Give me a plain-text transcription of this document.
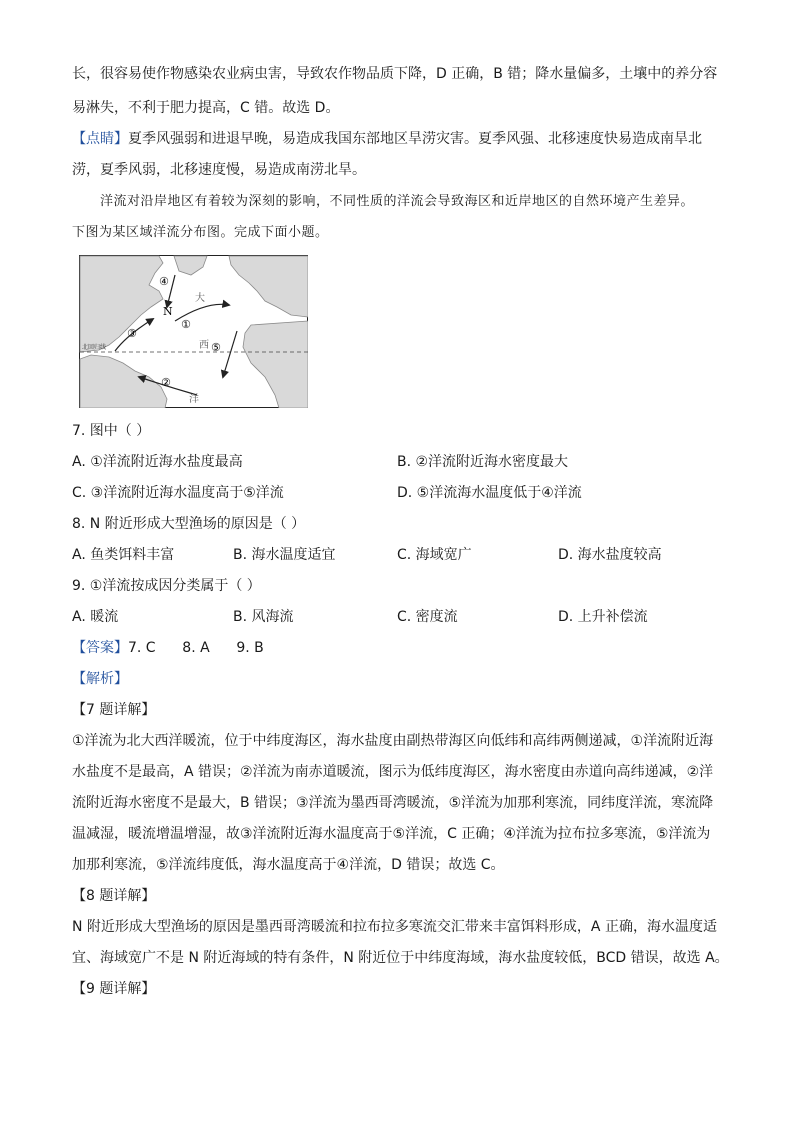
长，很容易使作物感染农业病虫害，导致农作物品质下降，D 正确，B 错；降水量偏多，土壤中的养分容
易淋失，不利于肥力提高，C 错。故选 D。
【点睛】夏季风强弱和进退早晚，易造成我国东部地区旱涝灾害。夏季风强、北移速度快易造成南旱北
涝，夏季风弱，北移速度慢，易造成南涝北旱。
洋流对沿岸地区有着较为深刻的影响，不同性质的洋流会导致海区和近岸地区的自然环境产生差异。
下图为某区域洋流分布图。完成下面小题。
N
④
①
③
⑤
②
大
西
洋
北回归线
7. 图中（ ）
A. ①洋流附近海水盐度最高	B. ②洋流附近海水密度最大
C. ③洋流附近海水温度高于⑤洋流	D. ⑤洋流海水温度低于④洋流
8. N 附近形成大型渔场的原因是（ ）
A. 鱼类饵料丰富	B. 海水温度适宜	C. 海域宽广	D. 海水盐度较高
9. ①洋流按成因分类属于（ ）
A. 暖流	B. 风海流	C. 密度流	D. 上升补偿流
【答案】7. C      8. A      9. B
【解析】
【7 题详解】
①洋流为北大西洋暖流，位于中纬度海区，海水盐度由副热带海区向低纬和高纬两侧递减，①洋流附近海
水盐度不是最高，A 错误；②洋流为南赤道暖流，图示为低纬度海区，海水密度由赤道向高纬递减，②洋
流附近海水密度不是最大，B 错误；③洋流为墨西哥湾暖流，⑤洋流为加那利寒流，同纬度洋流，寒流降
温减湿，暖流增温增湿，故③洋流附近海水温度高于⑤洋流，C 正确；④洋流为拉布拉多寒流，⑤洋流为
加那利寒流，⑤洋流纬度低，海水温度高于④洋流，D 错误；故选 C。
【8 题详解】
N 附近形成大型渔场的原因是墨西哥湾暖流和拉布拉多寒流交汇带来丰富饵料形成，A 正确，海水温度适
宜、海域宽广不是 N 附近海域的特有条件，N 附近位于中纬度海域，海水盐度较低，BCD 错误，故选 A。
【9 题详解】
